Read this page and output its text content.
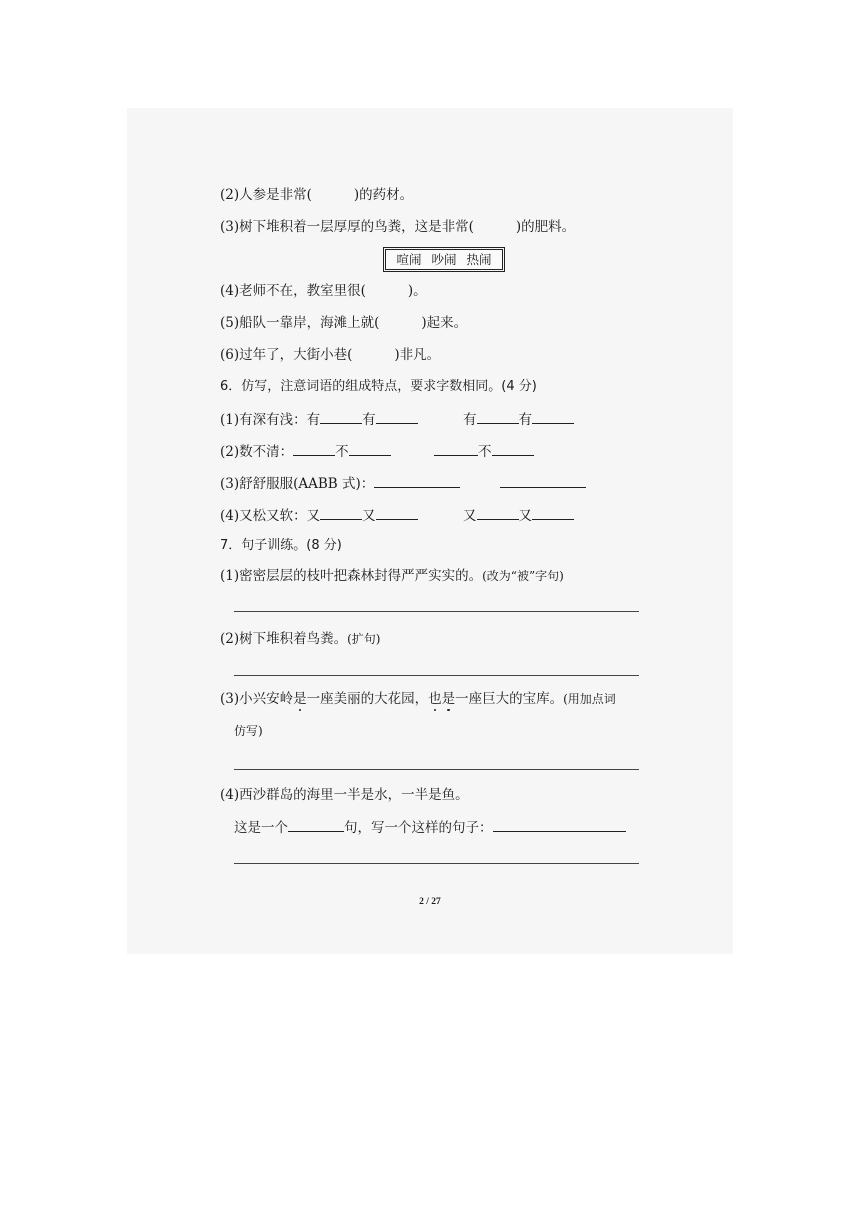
(2)人参是非常(	)的药材。
(3)树下堆积着一层厚厚的鸟粪，这是非常(	)的肥料。
喧闹 吵闹 热闹
(4)老师不在，教室里很(	)。
(5)船队一靠岸，海滩上就(	)起来。
(6)过年了，大街小巷(	)非凡。
6．仿写，注意词语的组成特点，要求字数相同。(4 分)
(1)有深有浅：有	有	有	有
(2)数不清：	不	不
(3)舒舒服服(AABB 式)：
(4)又松又软：又	又	又	又
7．句子训练。(8 分)
(1)密密层层的枝叶把森林封得严严实实的。(改为“被”字句)
(2)树下堆积着鸟粪。(扩句)
(3)小兴安岭是一座美丽的大花园，也是一座巨大的宝库。(用加点词
仿写)
(4)西沙群岛的海里一半是水，一半是鱼。
这是一个	句，写一个这样的句子：
2 / 27
